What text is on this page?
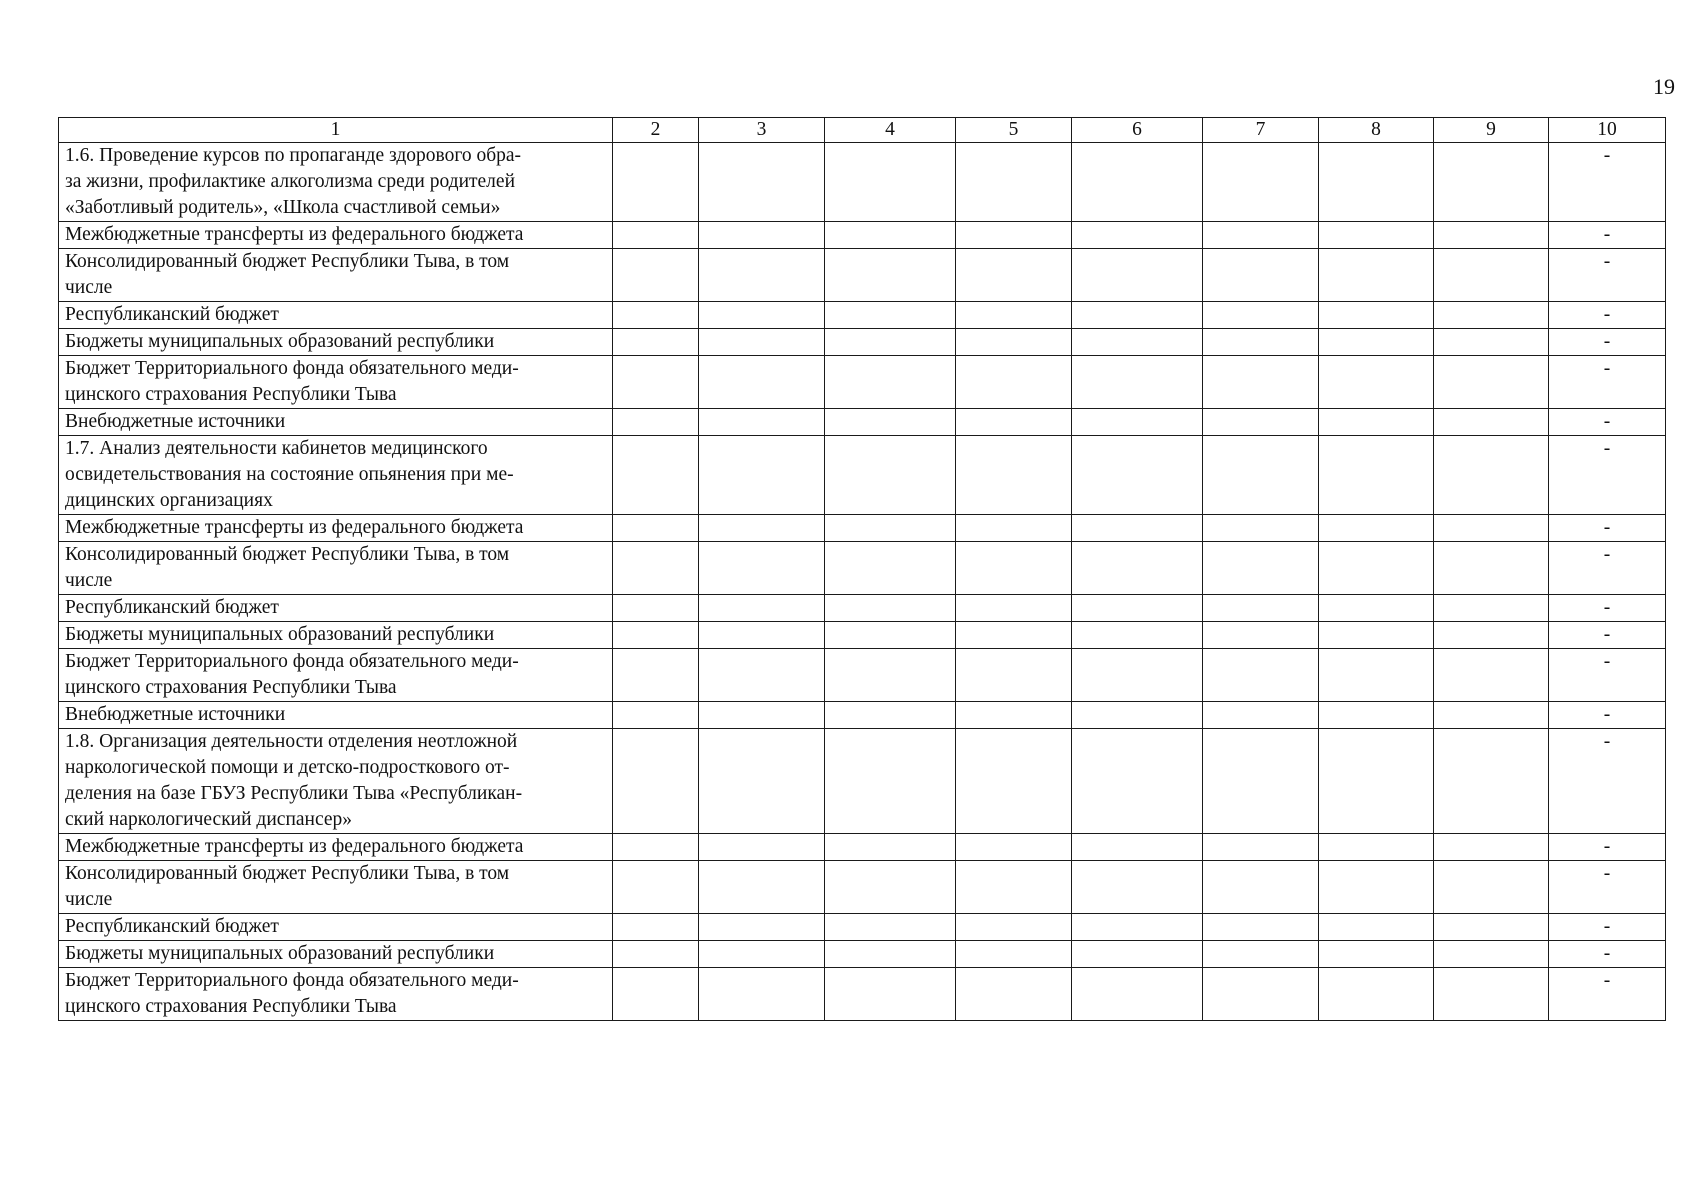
19
1	2	3	4	5	6	7	8	9	10
1.6. Проведение курсов по пропаганде здорового обра-
за жизни, профилактике алкоголизма среди родителей
«Заботливый родитель», «Школа счастливой семьи»									-
Межбюджетные трансферты из федерального бюджета									-
Консолидированный бюджет Республики Тыва, в том
числе									-
Республиканский бюджет									-
Бюджеты муниципальных образований республики									-
Бюджет Территориального фонда обязательного меди-
цинского страхования Республики Тыва									-
Внебюджетные источники									-
1.7. Анализ деятельности кабинетов медицинского
освидетельствования на состояние опьянения при ме-
дицинских организациях									-
Межбюджетные трансферты из федерального бюджета									-
Консолидированный бюджет Республики Тыва, в том
числе									-
Республиканский бюджет									-
Бюджеты муниципальных образований республики									-
Бюджет Территориального фонда обязательного меди-
цинского страхования Республики Тыва									-
Внебюджетные источники									-
1.8. Организация деятельности отделения неотложной
наркологической помощи и детско-подросткового от-
деления на базе ГБУЗ Республики Тыва «Республикан-
ский наркологический диспансер»									-
Межбюджетные трансферты из федерального бюджета									-
Консолидированный бюджет Республики Тыва, в том
числе									-
Республиканский бюджет									-
Бюджеты муниципальных образований республики									-
Бюджет Территориального фонда обязательного меди-
цинского страхования Республики Тыва									-
